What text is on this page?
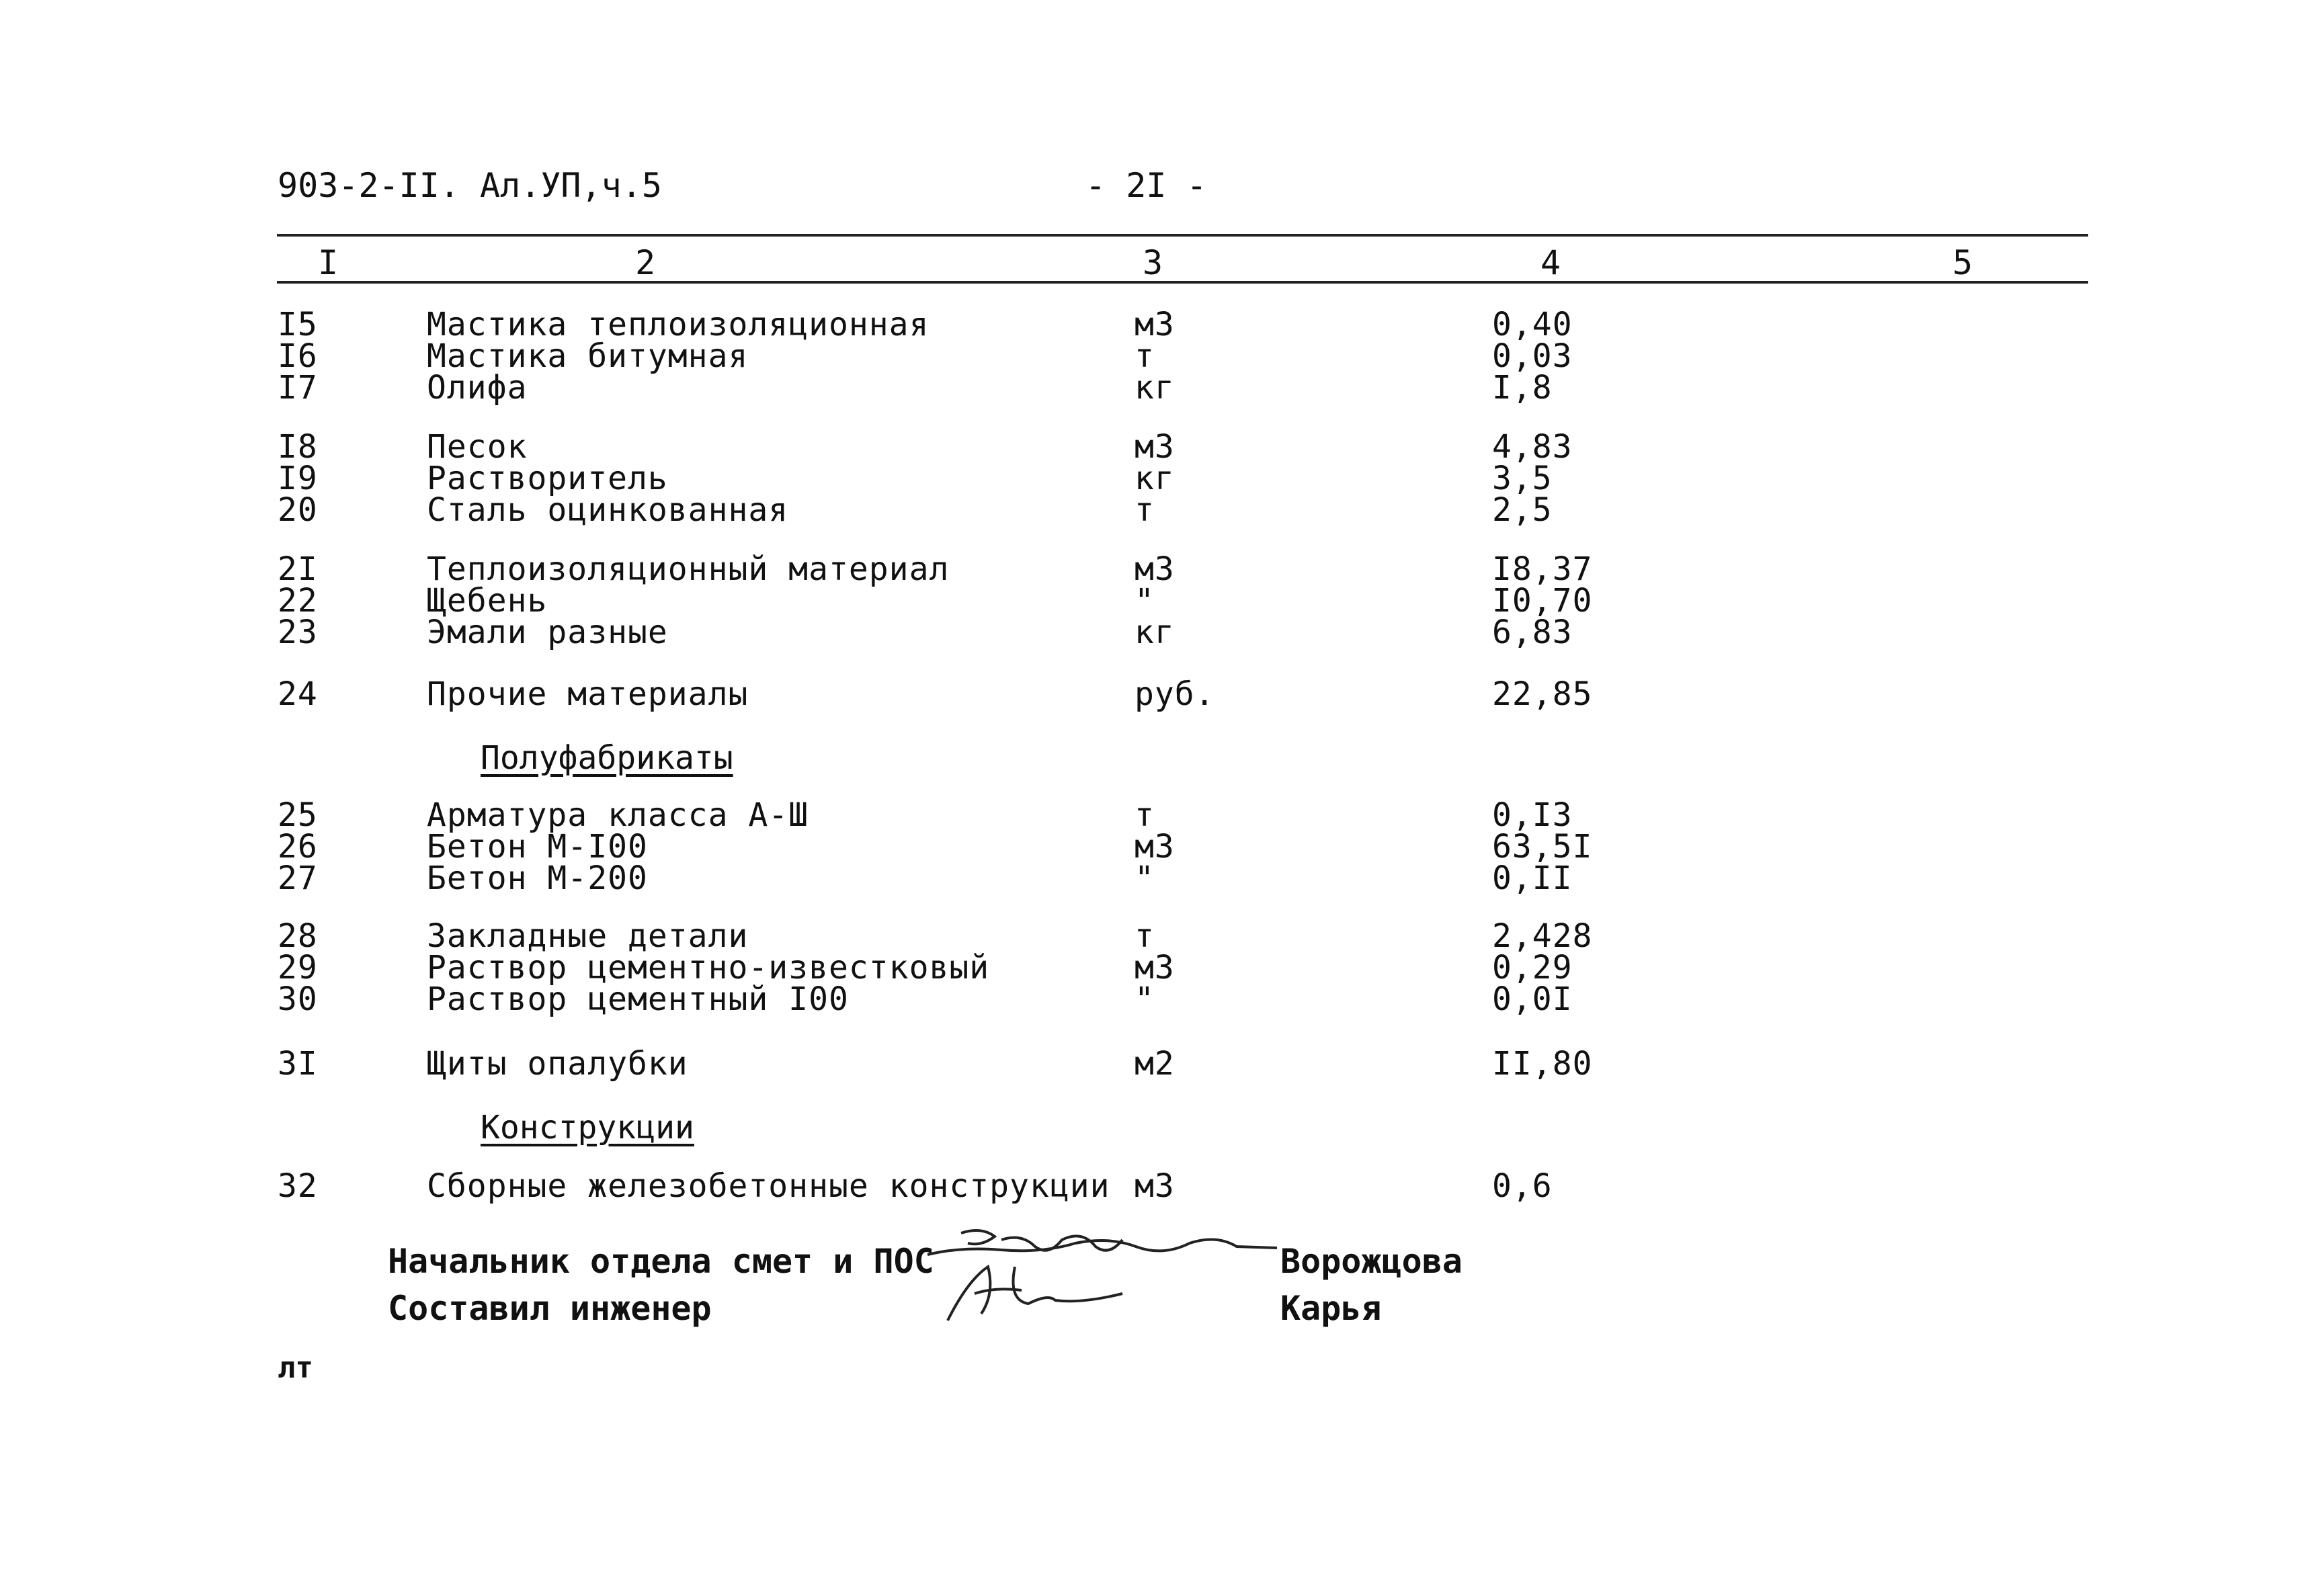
903-2-II. Ал.УП,ч.5	- 2I -
I	2	3	4	5
I5	Мастика теплоизоляционная	м3	0,40
I6	Мастика битумная	т	0,03
I7	Олифа	кг	I,8
I8	Песок	м3	4,83
I9	Растворитель	кг	3,5
20	Сталь оцинкованная	т	2,5
2I	Теплоизоляционный материал	м3	I8,37
22	Щебень	"	I0,70
23	Эмали разные	кг	6,83
24	Прочие материалы	руб.	22,85
Полуфабрикаты
25	Арматура класса А-Ш	т	0,I3
26	Бетон М-I00	м3	63,5I
27	Бетон М-200	"	0,II
28	Закладные детали	т	2,428
29	Раствор цементно-известковый	м3	0,29
30	Раствор цементный I00	"	0,0I
3I	Щиты опалубки	м2	II,80
Конструкции
32	Сборные железобетонные конструкции м3	0,6
Начальник отдела смет и ПОС	Ворожцова
Составил инженер	Карья
лт
